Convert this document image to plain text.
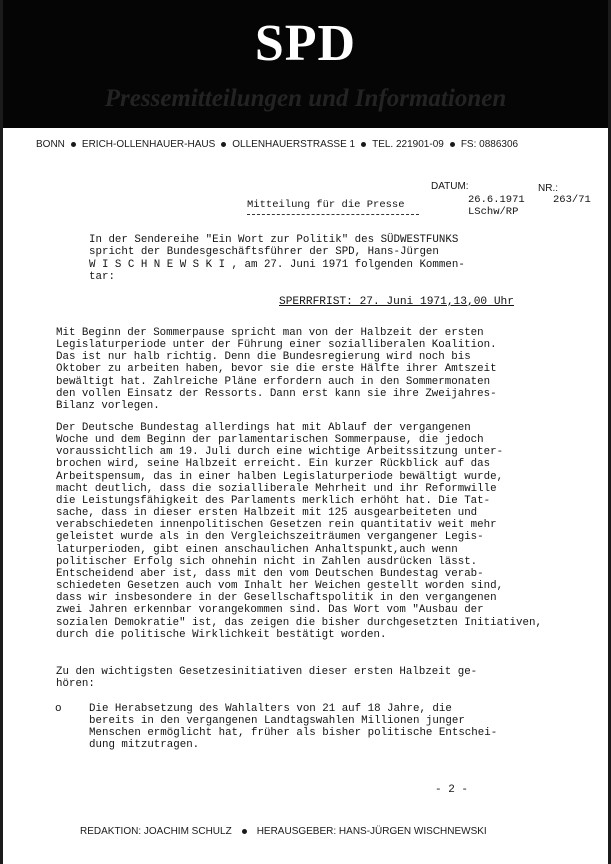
SPD
Pressemitteilungen und Informationen
BONN ERICH-OLLENHAUER-HAUS OLLENHAUERSTRASSE 1 TEL. 221901-09 FS: 0886306
DATUM:	NR.:
26.6.1971	263/71
LSchw/RP
Mitteilung für die Presse
In der Sendereihe "Ein Wort zur Politik" des SÜDWESTFUNKS
spricht der Bundesgeschäftsführer der SPD, Hans-Jürgen
W I S C H N E W S K I , am 27. Juni 1971 folgenden Kommen-
tar:
SPERRFRIST: 27. Juni 1971,13,00 Uhr
Mit Beginn der Sommerpause spricht man von der Halbzeit der ersten
Legislaturperiode unter der Führung einer sozialliberalen Koalition.
Das ist nur halb richtig. Denn die Bundesregierung wird noch bis
Oktober zu arbeiten haben, bevor sie die erste Hälfte ihrer Amtszeit
bewältigt hat. Zahlreiche Pläne erfordern auch in den Sommermonaten
den vollen Einsatz der Ressorts. Dann erst kann sie ihre Zweijahres-
Bilanz vorlegen.
Der Deutsche Bundestag allerdings hat mit Ablauf der vergangenen
Woche und dem Beginn der parlamentarischen Sommerpause, die jedoch
voraussichtlich am 19. Juli durch eine wichtige Arbeitssitzung unter-
brochen wird, seine Halbzeit erreicht. Ein kurzer Rückblick auf das
Arbeitspensum, das in einer halben Legislaturperiode bewältigt wurde,
macht deutlich, dass die sozialliberale Mehrheit und ihr Reformwille
die Leistungsfähigkeit des Parlaments merklich erhöht hat. Die Tat-
sache, dass in dieser ersten Halbzeit mit 125 ausgearbeiteten und
verabschiedeten innenpolitischen Gesetzen rein quantitativ weit mehr
geleistet wurde als in den Vergleichszeiträumen vergangener Legis-
laturperioden, gibt einen anschaulichen Anhaltspunkt,auch wenn
politischer Erfolg sich ohnehin nicht in Zahlen ausdrücken lässt.
Entscheidend aber ist, dass mit den vom Deutschen Bundestag verab-
schiedeten Gesetzen auch vom Inhalt her Weichen gestellt worden sind,
dass wir insbesondere in der Gesellschaftspolitik in den vergangenen
zwei Jahren erkennbar vorangekommen sind. Das Wort vom "Ausbau der
sozialen Demokratie" ist, das zeigen die bisher durchgesetzten Initiativen,
durch die politische Wirklichkeit bestätigt worden.
Zu den wichtigsten Gesetzesinitiativen dieser ersten Halbzeit ge-
hören:
o	Die Herabsetzung des Wahlalters von 21 auf 18 Jahre, die
bereits in den vergangenen Landtagswahlen Millionen junger
Menschen ermöglicht hat, früher als bisher politische Entschei-
dung mitzutragen.
- 2 -
REDAKTION: JOACHIM SCHULZ	HERAUSGEBER: HANS-JÜRGEN WISCHNEWSKI
